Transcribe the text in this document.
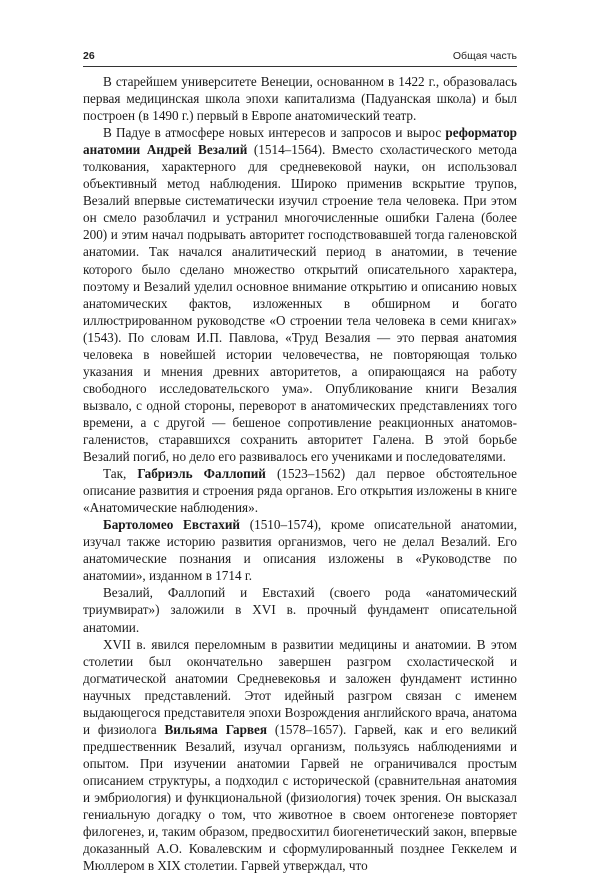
26	Общая часть

В старейшем университете Венеции, основанном в 1422 г., образовалась первая медицинская школа эпохи капитализма (Падуанская школа) и был построен (в 1490 г.) первый в Европе анатомический театр.

В Падуе в атмосфере новых интересов и запросов и вырос реформатор анатомии Андрей Везалий (1514–1564). Вместо схоластического метода толкования, характерного для средневековой науки, он использовал объективный метод наблюдения. Широко применив вскрытие трупов, Везалий впервые систематически изучил строение тела человека. При этом он смело разоблачил и устранил многочисленные ошибки Галена (более 200) и этим начал подрывать авторитет господствовавшей тогда галеновской анатомии. Так начался аналитический период в анатомии, в течение которого было сделано множество открытий описательного характера, поэтому и Везалий уделил основное внимание открытию и описанию новых анатомических фактов, изложенных в обширном и богато иллюстрированном руководстве «О строении тела человека в семи книгах» (1543). По словам И.П. Павлова, «Труд Везалия — это первая анатомия человека в новейшей истории человечества, не повторяющая только указания и мнения древних авторитетов, а опирающаяся на работу свободного исследовательского ума». Опубликование книги Везалия вызвало, с одной стороны, переворот в анатомических представлениях того времени, а с другой — бешеное сопротивление реакционных анатомов-галенистов, старавшихся сохранить авторитет Галена. В этой борьбе Везалий погиб, но дело его развивалось его учениками и последователями.

Так, Габриэль Фаллопий (1523–1562) дал первое обстоятельное описание развития и строения ряда органов. Его открытия изложены в книге «Анатомические наблюдения».

Бартоломео Евстахий (1510–1574), кроме описательной анатомии, изучал также историю развития организмов, чего не делал Везалий. Его анатомические познания и описания изложены в «Руководстве по анатомии», изданном в 1714 г.

Везалий, Фаллопий и Евстахий (своего рода «анатомический триумвират») заложили в XVI в. прочный фундамент описательной анатомии.

XVII в. явился переломным в развитии медицины и анатомии. В этом столетии был окончательно завершен разгром схоластической и догматической анатомии Средневековья и заложен фундамент истинно научных представлений. Этот идейный разгром связан с именем выдающегося представителя эпохи Возрождения английского врача, анатома и физиолога Вильяма Гарвея (1578–1657). Гарвей, как и его великий предшественник Везалий, изучал организм, пользуясь наблюдениями и опытом. При изучении анатомии Гарвей не ограничивался простым описанием структуры, а подходил с исторической (сравнительная анатомия и эмбриология) и функциональной (физиология) точек зрения. Он высказал гениальную догадку о том, что животное в своем онтогенезе повторяет филогенез, и, таким образом, предвосхитил биогенетический закон, впервые доказанный А.О. Ковалевским и сформулированный позднее Геккелем и Мюллером в XIX столетии. Гарвей утверждал, что
